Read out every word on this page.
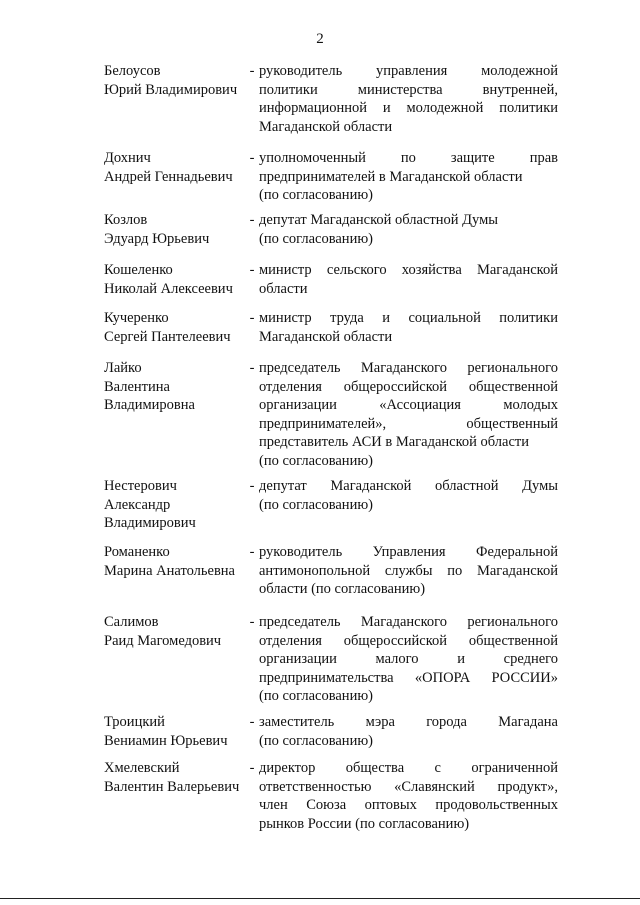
2
Белоусов
Юрий Владимирович
- руководитель управления молодежной
политики министерства внутренней,
информационной и молодежной политики
Магаданской области
Дохнич
Андрей Геннадьевич
- уполномоченный по защите прав
предпринимателей в Магаданской области
(по согласованию)
Козлов
Эдуард Юрьевич
- депутат Магаданской областной Думы
(по согласованию)
Кошеленко
Николай Алексеевич
- министр сельского хозяйства Магаданской
области
Кучеренко
Сергей Пантелеевич
- министр труда и социальной политики
Магаданской области
Лайко
Валентина
Владимировна
- председатель Магаданского регионального
отделения общероссийской общественной
организации «Ассоциация молодых
предпринимателей», общественный
представитель АСИ в Магаданской области
(по согласованию)
Нестерович
Александр
Владимирович
- депутат Магаданской областной Думы
(по согласованию)
Романенко
Марина Анатольевна
- руководитель Управления Федеральной
антимонопольной службы по Магаданской
области (по согласованию)
Салимов
Раид Магомедович
- председатель Магаданского регионального
отделения общероссийской общественной
организации малого и среднего
предпринимательства «ОПОРА РОССИИ»
(по согласованию)
Троицкий
Вениамин Юрьевич
- заместитель мэра города Магадана
(по согласованию)
Хмелевский
Валентин Валерьевич
- директор общества с ограниченной
ответственностью «Славянский продукт»,
член Союза оптовых продовольственных
рынков России (по согласованию)
